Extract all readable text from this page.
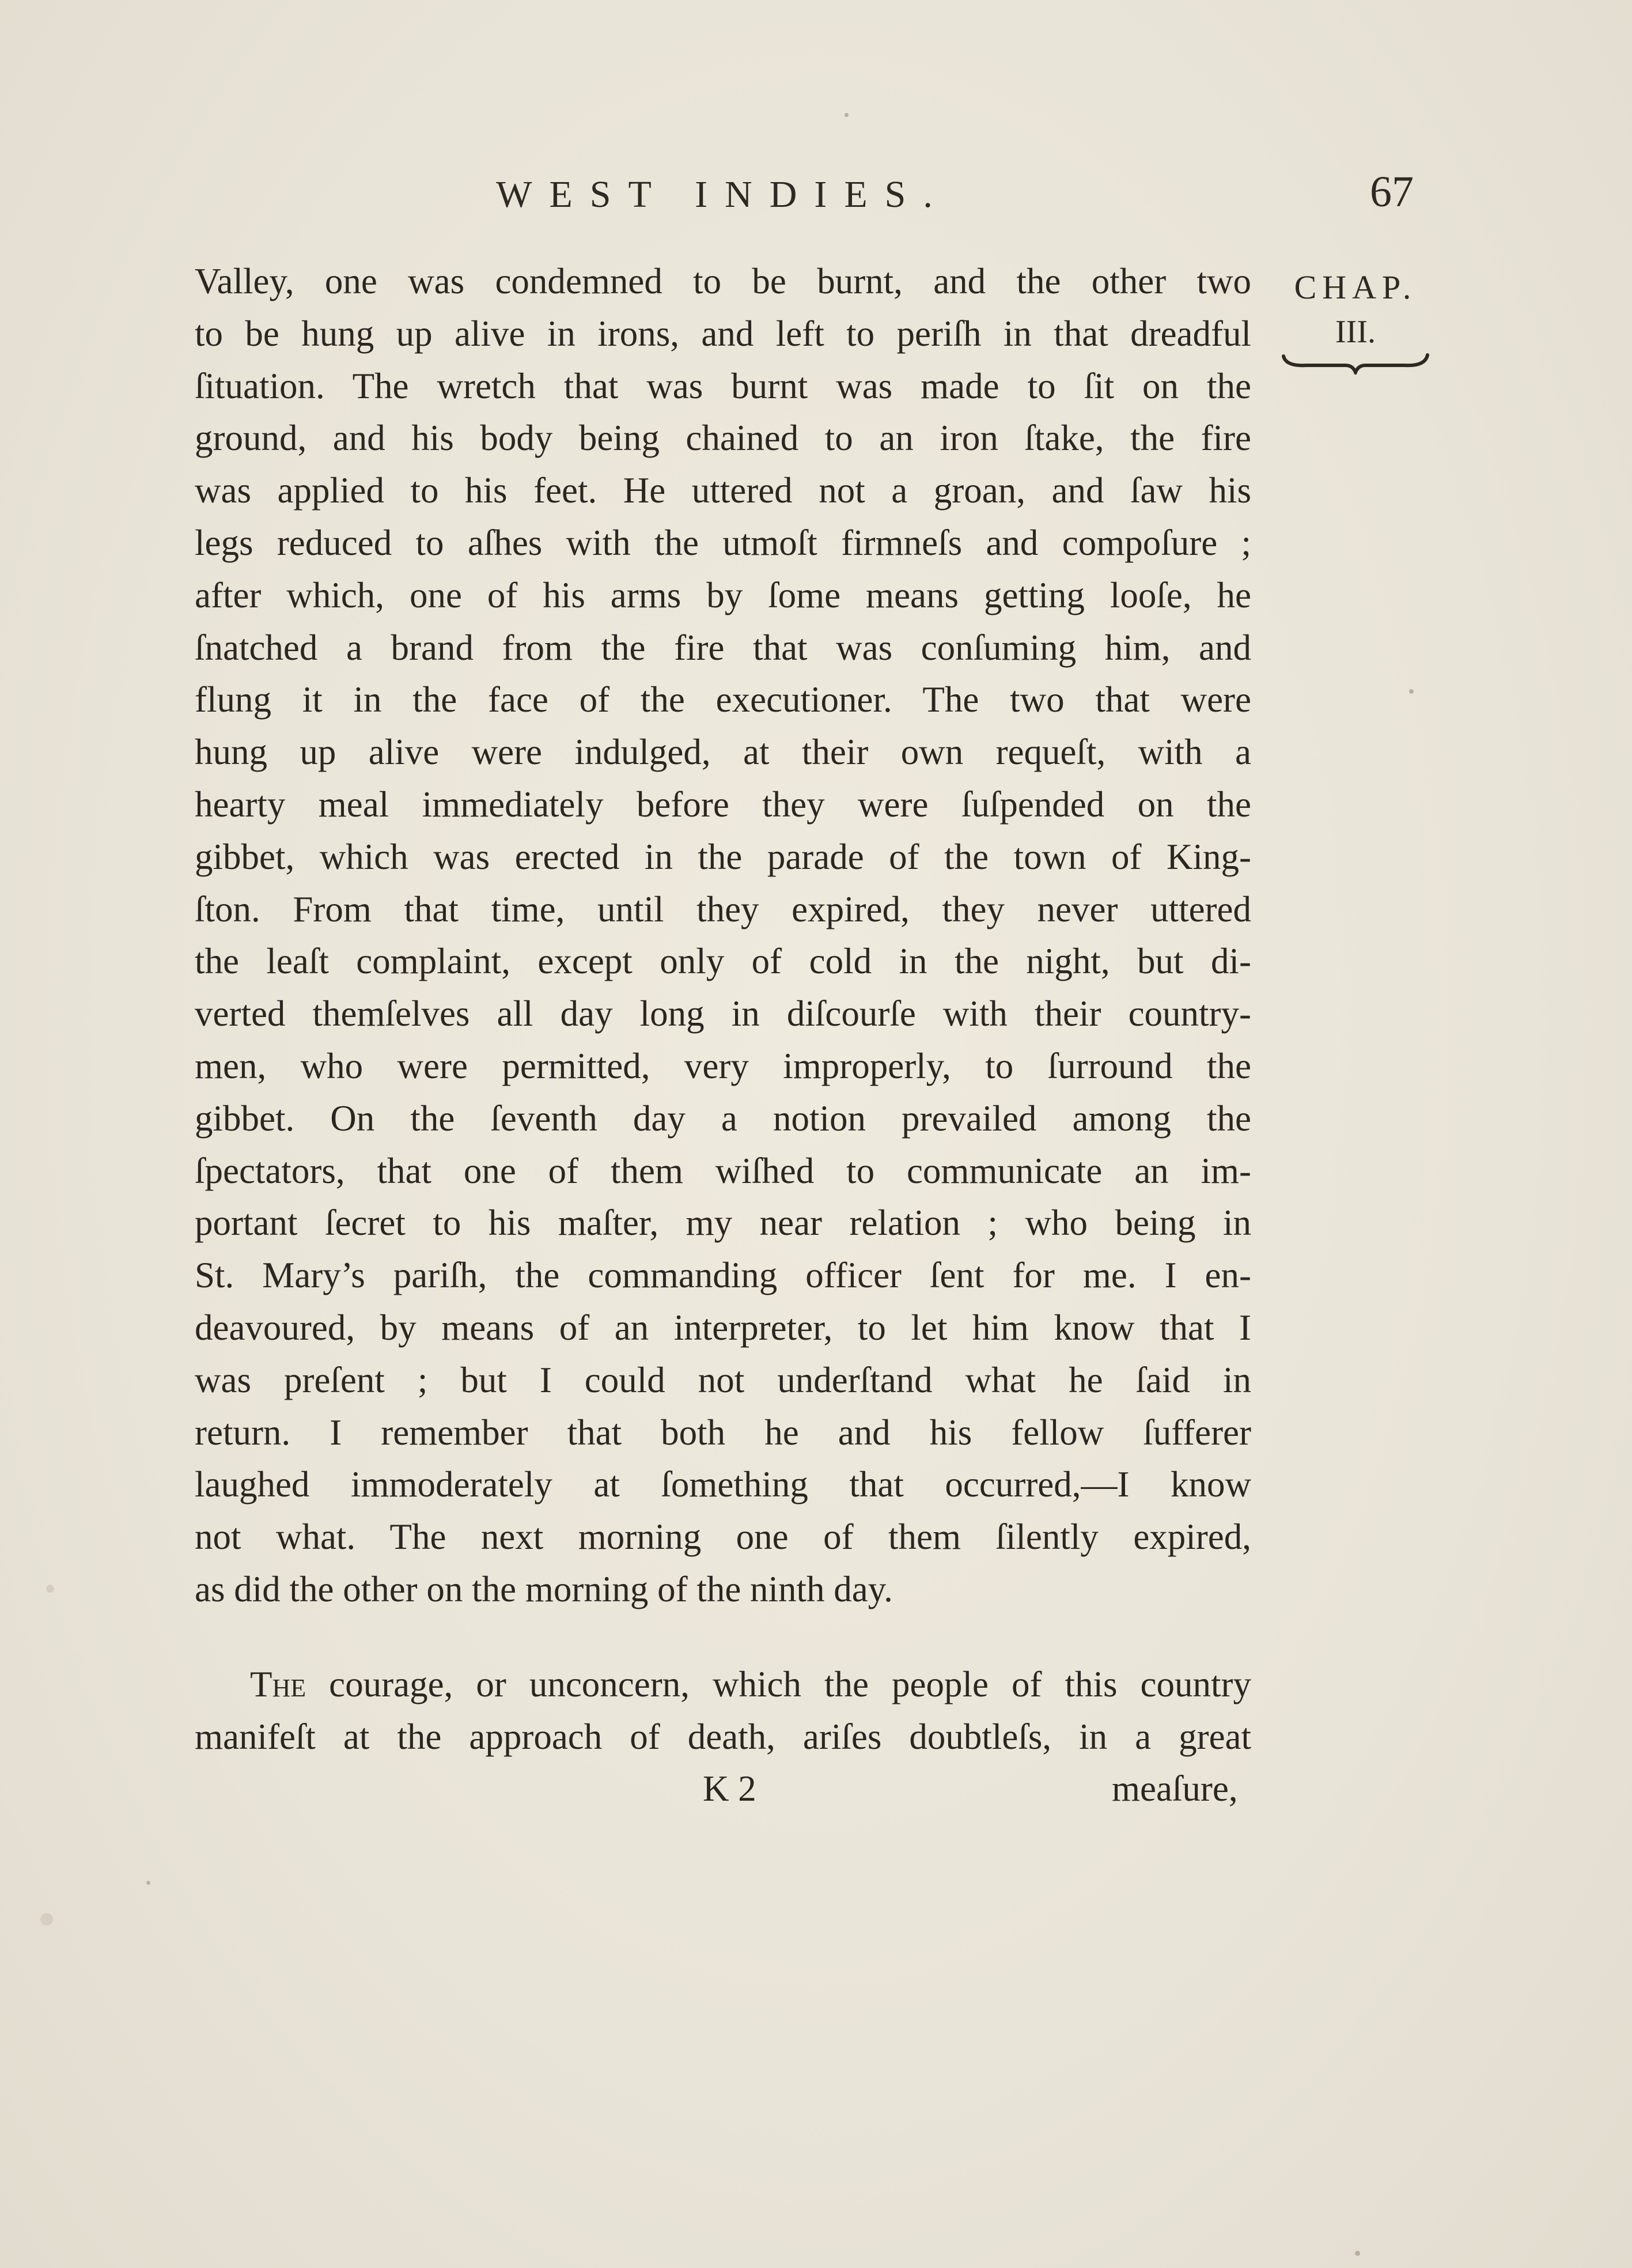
WEST INDIES.	67
CHAP.
III.
Valley, one was condemned to be burnt, and the other two
to be hung up alive in irons, and left to periſh in that dreadful
ſituation. The wretch that was burnt was made to ſit on the
ground, and his body being chained to an iron ſtake, the fire
was applied to his feet. He uttered not a groan, and ſaw his
legs reduced to aſhes with the utmoſt firmneſs and compoſure ;
after which, one of his arms by ſome means getting looſe, he
ſnatched a brand from the fire that was conſuming him, and
flung it in the face of the executioner. The two that were
hung up alive were indulged, at their own requeſt, with a
hearty meal immediately before they were ſuſpended on the
gibbet, which was erected in the parade of the town of King-
ſton. From that time, until they expired, they never uttered
the leaſt complaint, except only of cold in the night, but di-
verted themſelves all day long in diſcourſe with their country-
men, who were permitted, very improperly, to ſurround the
gibbet. On the ſeventh day a notion prevailed among the
ſpectators, that one of them wiſhed to communicate an im-
portant ſecret to his maſter, my near relation ; who being in
St. Mary’s pariſh, the commanding officer ſent for me. I en-
deavoured, by means of an interpreter, to let him know that I
was preſent ; but I could not underſtand what he ſaid in
return. I remember that both he and his fellow ſufferer
laughed immoderately at ſomething that occurred,—I know
not what. The next morning one of them ſilently expired,
as did the other on the morning of the ninth day.
The courage, or unconcern, which the people of this country
manifeſt at the approach of death, ariſes doubtleſs, in a great
K 2	meaſure,
